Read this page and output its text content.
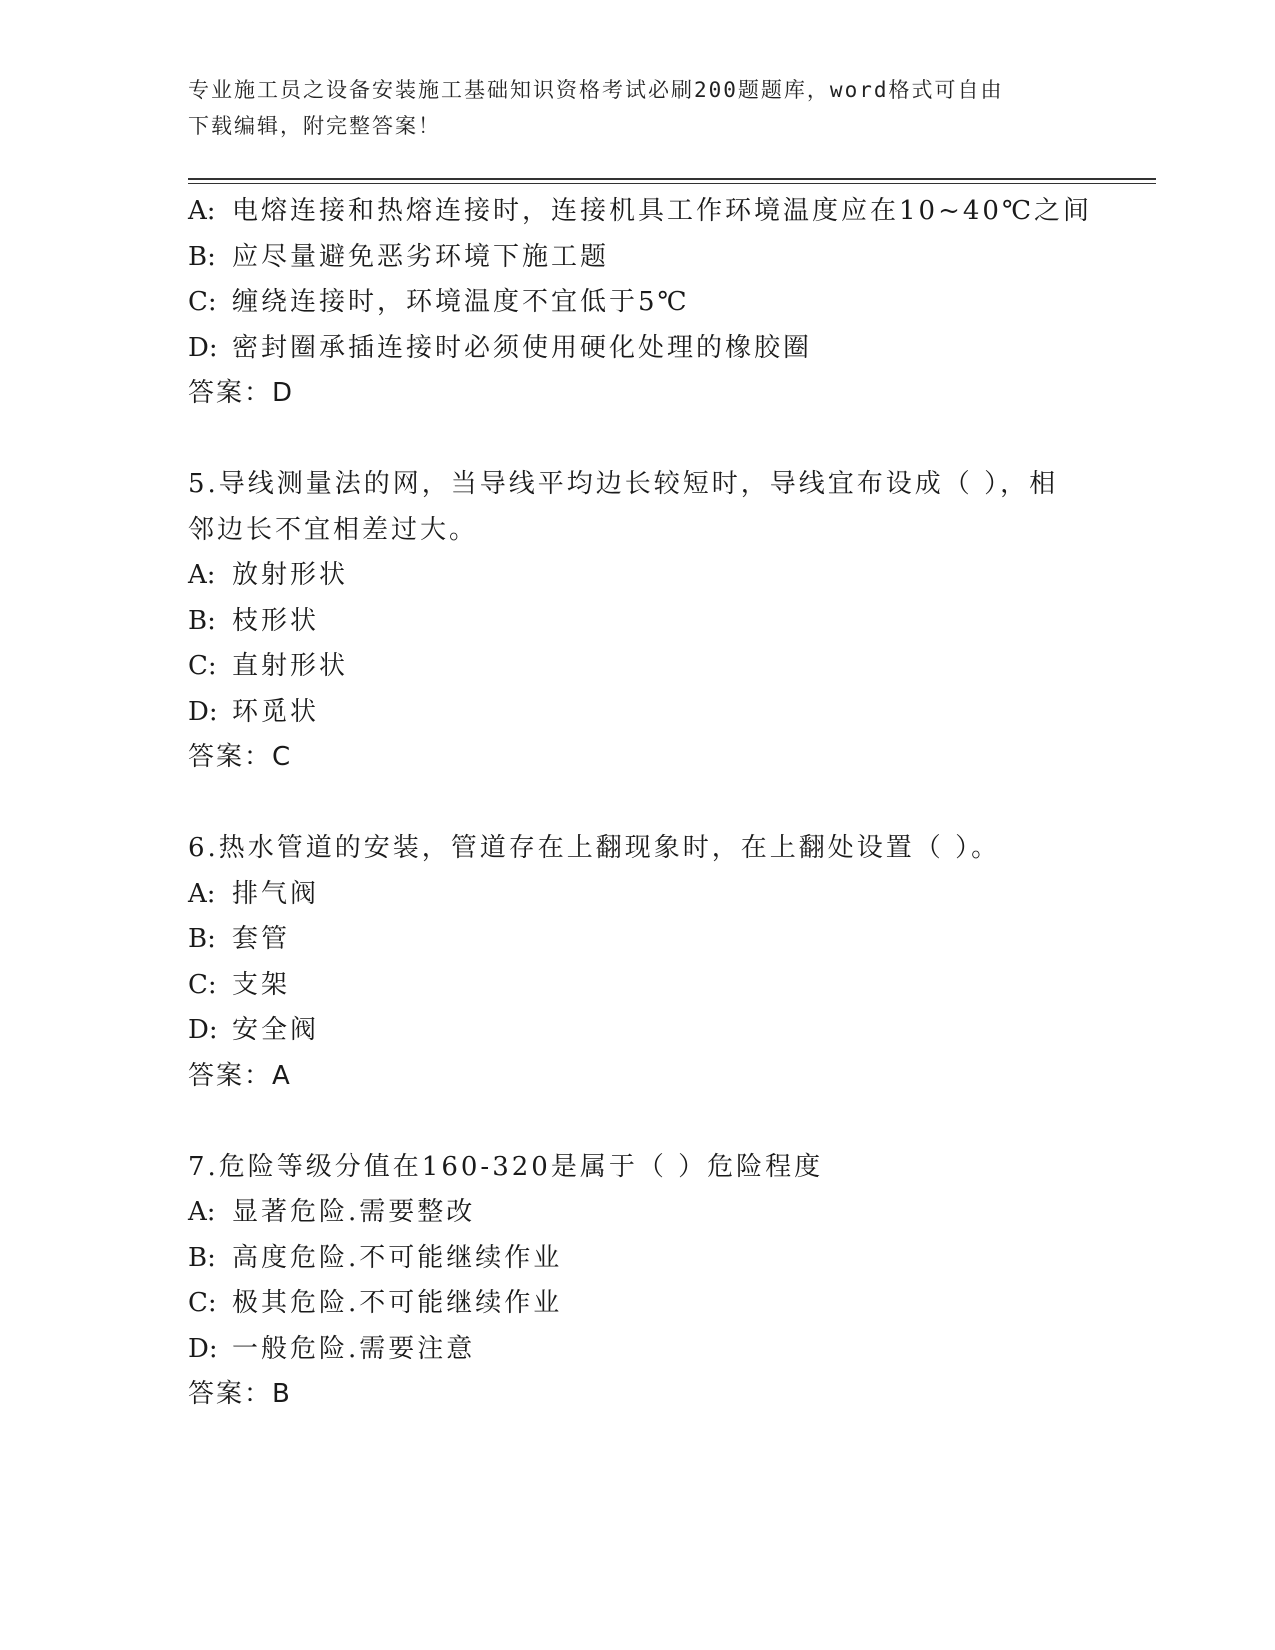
专业施工员之设备安装施工基础知识资格考试必刷200题题库，word格式可自由
下载编辑，附完整答案！
A: 电熔连接和热熔连接时，连接机具工作环境温度应在10~40℃之间
B: 应尽量避免恶劣环境下施工题
C: 缠绕连接时，环境温度不宜低于5℃
D: 密封圈承插连接时必须使用硬化处理的橡胶圈
答案：D
5.导线测量法的网，当导线平均边长较短时，导线宜布设成（ ），相
邻边长不宜相差过大。
A: 放射形状
B: 枝形状
C: 直射形状
D: 环觅状
答案：C
6.热水管道的安装，管道存在上翻现象时，在上翻处设置（ ）。
A: 排气阀
B: 套管
C: 支架
D: 安全阀
答案：A
7.危险等级分值在160-320是属于（ ）危险程度
A: 显著危险.需要整改
B: 高度危险.不可能继续作业
C: 极其危险.不可能继续作业
D: 一般危险.需要注意
答案：B
